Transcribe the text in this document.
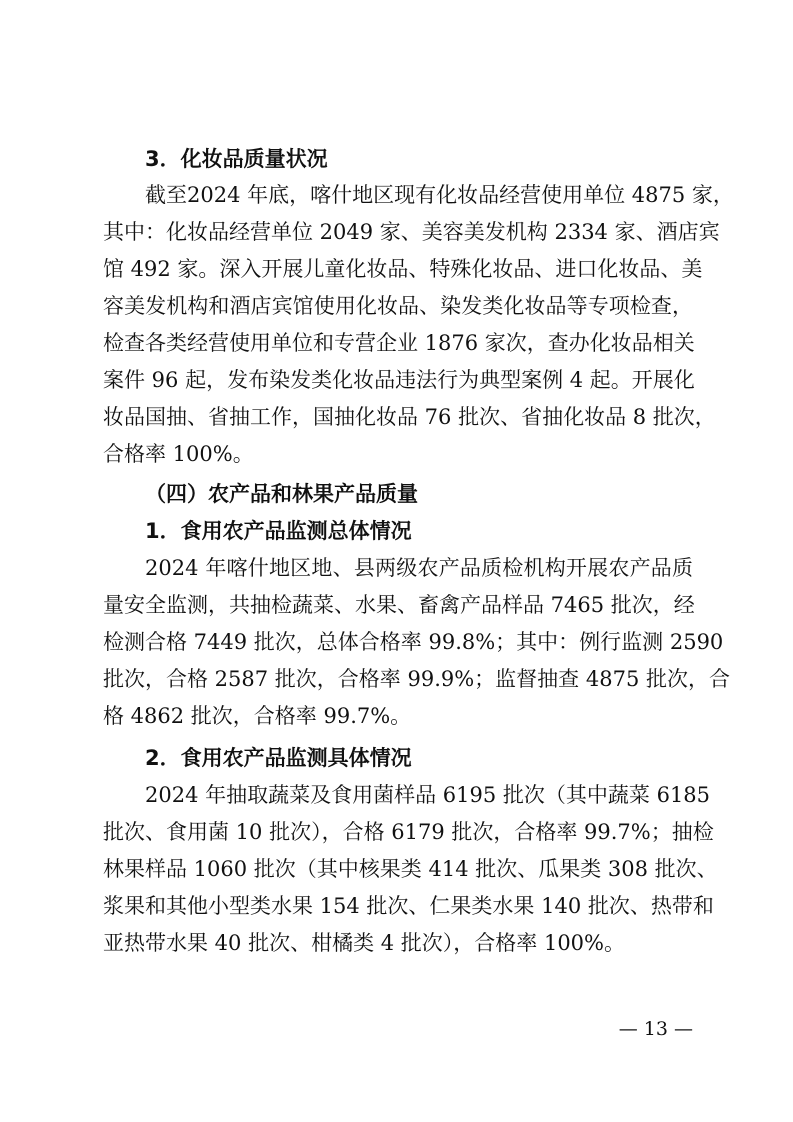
3．化妆品质量状况
截至2024 年底，喀什地区现有化妆品经营使用单位 4875 家，
其中：化妆品经营单位 2049 家、美容美发机构 2334 家、酒店宾
馆 492 家。深入开展儿童化妆品、特殊化妆品、进口化妆品、美
容美发机构和酒店宾馆使用化妆品、染发类化妆品等专项检查，
检查各类经营使用单位和专营企业 1876 家次，查办化妆品相关
案件 96 起，发布染发类化妆品违法行为典型案例 4 起。开展化
妆品国抽、省抽工作，国抽化妆品 76 批次、省抽化妆品 8 批次，
合格率 100%。
（四）农产品和林果产品质量
1．食用农产品监测总体情况
2024 年喀什地区地、县两级农产品质检机构开展农产品质
量安全监测，共抽检蔬菜、水果、畜禽产品样品 7465 批次，经
检测合格 7449 批次，总体合格率 99.8%；其中：例行监测 2590
批次，合格 2587 批次，合格率 99.9%；监督抽查 4875 批次，合
格 4862 批次，合格率 99.7%。
2．食用农产品监测具体情况
2024 年抽取蔬菜及食用菌样品 6195 批次（其中蔬菜 6185
批次、食用菌 10 批次），合格 6179 批次，合格率 99.7%；抽检
林果样品 1060 批次（其中核果类 414 批次、瓜果类 308 批次、
浆果和其他小型类水果 154 批次、仁果类水果 140 批次、热带和
亚热带水果 40 批次、柑橘类 4 批次），合格率 100%。
— 13 —
